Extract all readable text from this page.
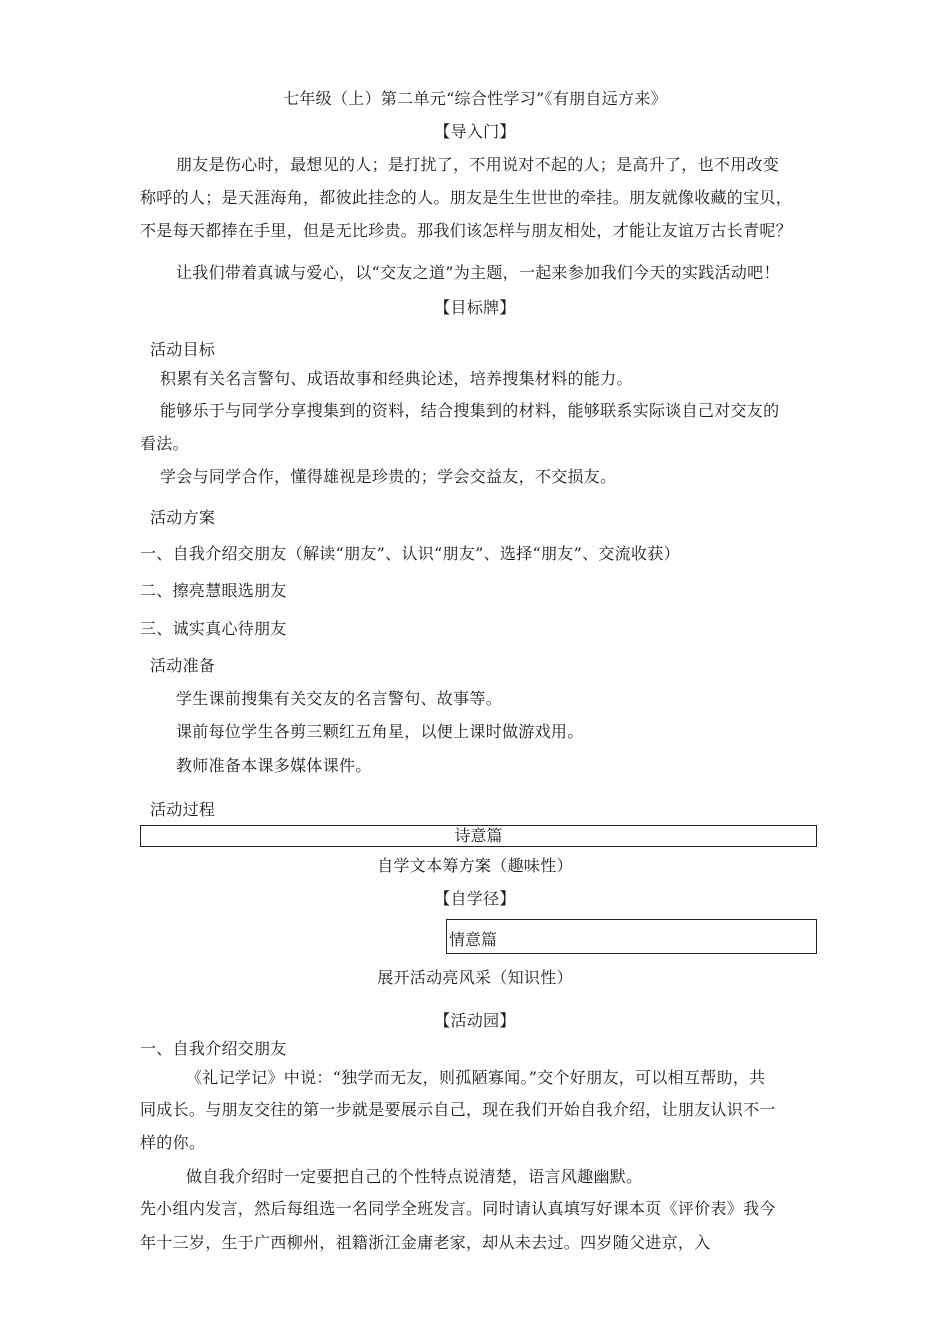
七年级（上）第二单元“综合性学习”《有朋自远方来》
【导入门】
朋友是伤心时，最想见的人；是打扰了，不用说对不起的人；是高升了，也不用改变
称呼的人；是天涯海角，都彼此挂念的人。朋友是生生世世的牵挂。朋友就像收藏的宝贝，
不是每天都捧在手里，但是无比珍贵。那我们该怎样与朋友相处，才能让友谊万古长青呢？
让我们带着真诚与爱心，以“交友之道”为主题，一起来参加我们今天的实践活动吧！
【目标牌】
活动目标
积累有关名言警句、成语故事和经典论述，培养搜集材料的能力。
能够乐于与同学分享搜集到的资料，结合搜集到的材料，能够联系实际谈自己对交友的
看法。
学会与同学合作，懂得雄视是珍贵的；学会交益友，不交损友。
活动方案
一、自我介绍交朋友（解读“朋友”、认识“朋友”、选择“朋友”、交流收获）
二、擦亮慧眼选朋友
三、诚实真心待朋友
活动准备
学生课前搜集有关交友的名言警句、故事等。
课前每位学生各剪三颗红五角星，以便上课时做游戏用。
教师准备本课多媒体课件。
活动过程
诗意篇
自学文本筹方案（趣味性）
【自学径】
情意篇
展开活动亮风采（知识性）
【活动园】
一、自我介绍交朋友
《礼记学记》中说：“独学而无友，则孤陋寡闻。”交个好朋友，可以相互帮助，共
同成长。与朋友交往的第一步就是要展示自己，现在我们开始自我介绍，让朋友认识不一
样的你。
做自我介绍时一定要把自己的个性特点说清楚，语言风趣幽默。
先小组内发言，然后每组选一名同学全班发言。同时请认真填写好课本页《评价表》我今
年十三岁，生于广西柳州，祖籍浙江金庸老家，却从未去过。四岁随父进京，入
